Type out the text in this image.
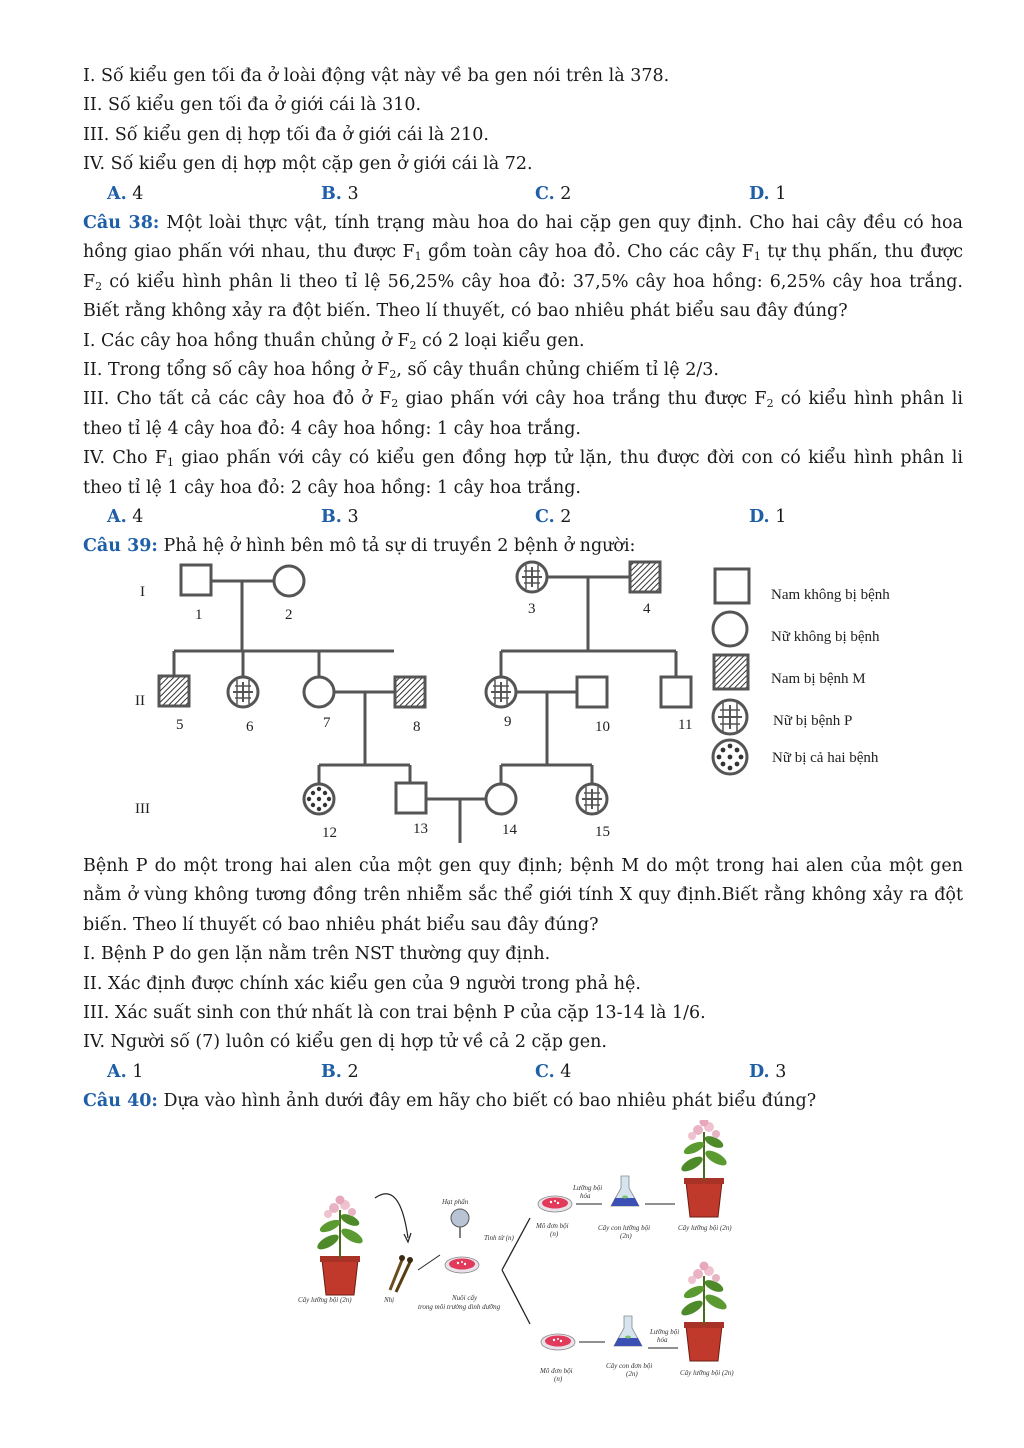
I. Số kiểu gen tối đa ở loài động vật này về ba gen nói trên là 378.
II. Số kiểu gen tối đa ở giới cái là 310.
III. Số kiểu gen dị hợp tối đa ở giới cái là 210.
IV. Số kiểu gen dị hợp một cặp gen ở giới cái là 72.
A. 4	B. 3	C. 2	D. 1
Câu 38: Một loài thực vật, tính trạng màu hoa do hai cặp gen quy định. Cho hai cây đều có hoa hồng giao phấn với nhau, thu được $F_1$ gồm toàn cây hoa đỏ. Cho các cây $F_1$ tự thụ phấn, thu được $F_2$ có kiểu hình phân li theo tỉ lệ 56,25% cây hoa đỏ: 37,5% cây hoa hồng: 6,25% cây hoa trắng. Biết rằng không xảy ra đột biến. Theo lí thuyết, có bao nhiêu phát biểu sau đây đúng?
I. Các cây hoa hồng thuần chủng ở $F_2$ có 2 loại kiểu gen.
II. Trong tổng số cây hoa hồng ở $F_2$, số cây thuần chủng chiếm tỉ lệ 2/3.
III. Cho tất cả các cây hoa đỏ ở $F_2$ giao phấn với cây hoa trắng thu được $F_2$ có kiểu hình phân li theo tỉ lệ 4 cây hoa đỏ: 4 cây hoa hồng: 1 cây hoa trắng.
IV. Cho $F_1$ giao phấn với cây có kiểu gen đồng hợp tử lặn, thu được đời con có kiểu hình phân li theo tỉ lệ 1 cây hoa đỏ: 2 cây hoa hồng: 1 cây hoa trắng.
A. 4	B. 3	C. 2	D. 1
Câu 39: Phả hệ ở hình bên mô tả sự di truyền 2 bệnh ở người:
I
II
III
1	2	3	4
5	6	7	8	9	10	11
12	13	14	15
Nam không bị bệnh
Nữ không bị bệnh
Nam bị bệnh M
Nữ bị bệnh P
Nữ bị cả hai bệnh
Bệnh P do một trong hai alen của một gen quy định; bệnh M do một trong hai alen của một gen nằm ở vùng không tương đồng trên nhiễm sắc thể giới tính X quy định.Biết rằng không xảy ra đột biến. Theo lí thuyết có bao nhiêu phát biểu sau đây đúng?
I. Bệnh P do gen lặn nằm trên NST thường quy định.
II. Xác định được chính xác kiểu gen của 9 người trong phả hệ.
III. Xác suất sinh con thứ nhất là con trai bệnh P của cặp 13-14 là 1/6.
IV. Người số (7) luôn có kiểu gen dị hợp tử về cả 2 cặp gen.
A. 1	B. 2	C. 4	D. 3
Câu 40: Dựa vào hình ảnh dưới đây em hãy cho biết có bao nhiêu phát biểu đúng?
Cây lưỡng bội (2n)	Nhị
Hạt phấn
Tinh tử (n)
Nuôi cấy
trong môi trường dinh dưỡng
Mô đơn bội
(n)
Lưỡng bội
hóa
Cây con lưỡng bội
(2n)
Cây lưỡng bội (2n)
Mô đơn bội
(n)
Cây con đơn bội
(2n)
Lưỡng bội
hóa
Cây lưỡng bội (2n)
